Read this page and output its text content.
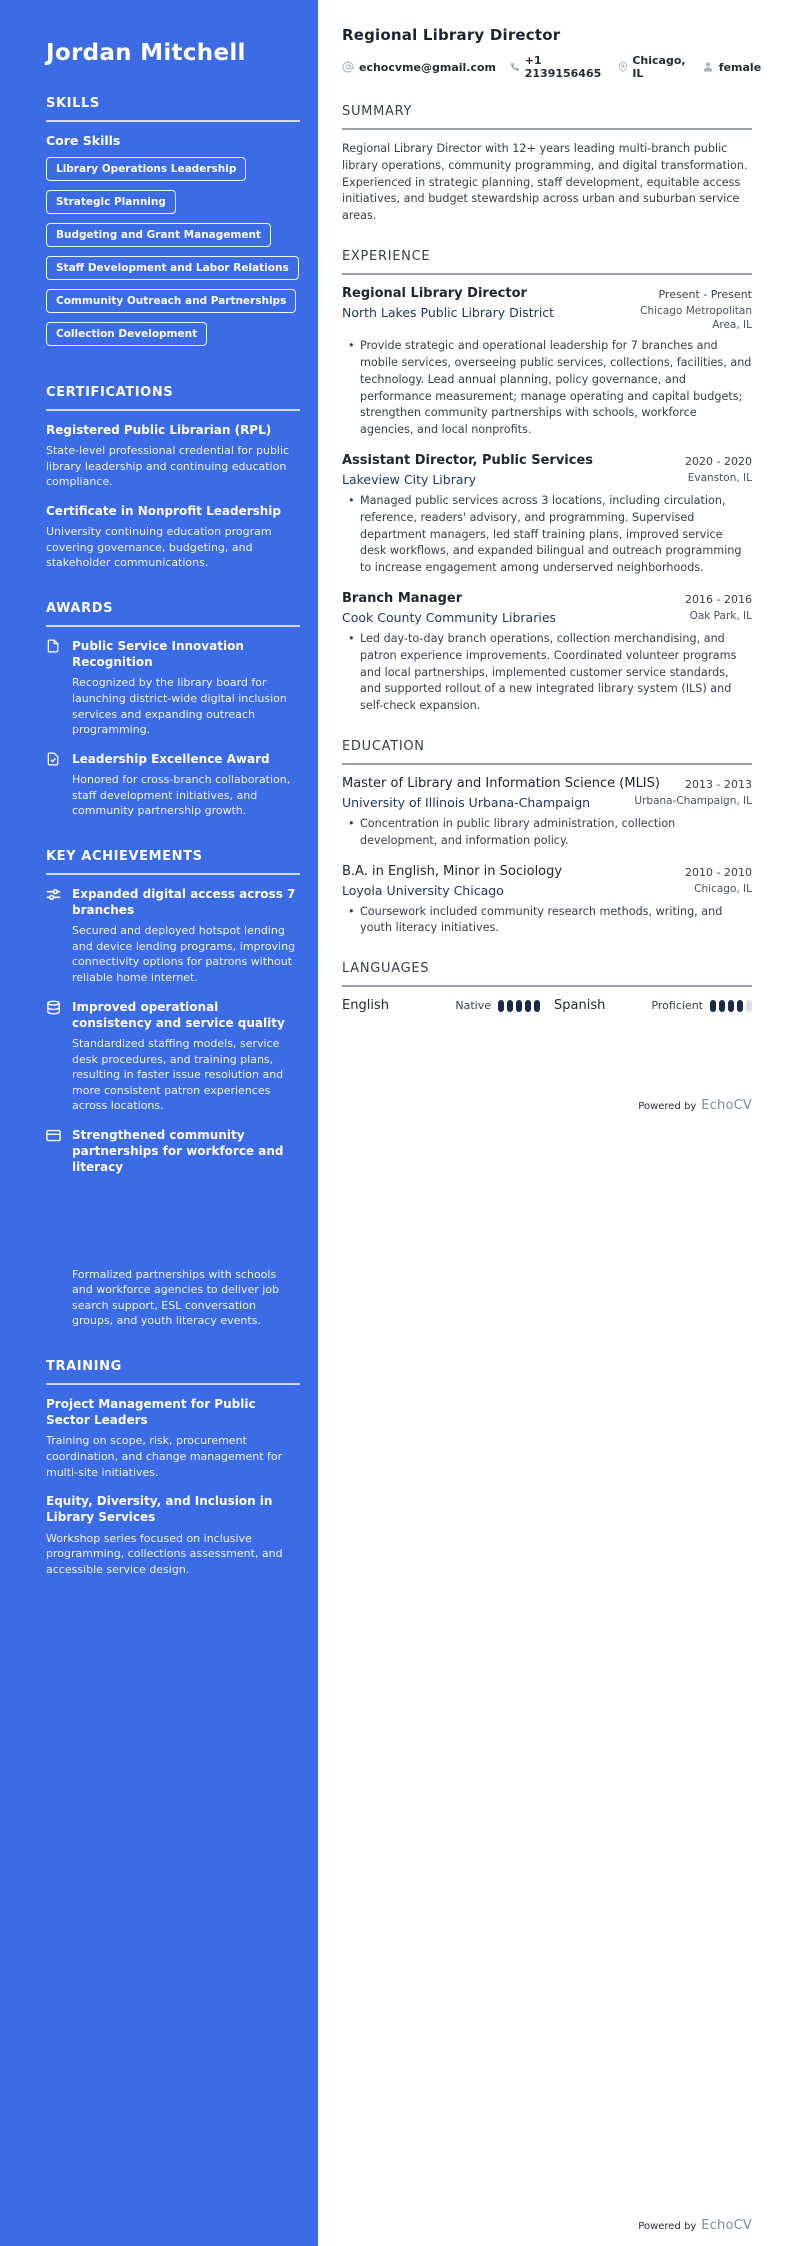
Jordan Mitchell
SKILLS
Core Skills
Library Operations Leadership
Strategic Planning
Budgeting and Grant Management
Staff Development and Labor Relations
Community Outreach and Partnerships
Collection Development
CERTIFICATIONS
Registered Public Librarian (RPL)
State-level professional credential for public library leadership and continuing education compliance.
Certificate in Nonprofit Leadership
University continuing education program covering governance, budgeting, and stakeholder communications.
AWARDS
Public Service Innovation Recognition
Recognized by the library board for launching district-wide digital inclusion services and expanding outreach programming.
Leadership Excellence Award
Honored for cross-branch collaboration, staff development initiatives, and community partnership growth.
KEY ACHIEVEMENTS
Expanded digital access across 7 branches
Secured and deployed hotspot lending and device lending programs, improving connectivity options for patrons without reliable home internet.
Improved operational consistency and service quality
Standardized staffing models, service desk procedures, and training plans, resulting in faster issue resolution and more consistent patron experiences across locations.
Strengthened community partnerships for workforce and literacy
Formalized partnerships with schools and workforce agencies to deliver job search support, ESL conversation groups, and youth literacy events.
TRAINING
Project Management for Public Sector Leaders
Training on scope, risk, procurement coordination, and change management for multi-site initiatives.
Equity, Diversity, and Inclusion in Library Services
Workshop series focused on inclusive programming, collections assessment, and accessible service design.
Regional Library Director
echocvme@gmail.com	+1 2139156465
Chicago, IL	female
SUMMARY

Regional Library Director with 12+ years leading multi-branch public library operations, community programming, and digital transformation. Experienced in strategic planning, staff development, equitable access initiatives, and budget stewardship across urban and suburban service areas.

EXPERIENCE
Regional Library Director	Present - Present
North Lakes Public Library District	Chicago Metropolitan Area, IL
• Provide strategic and operational leadership for 7 branches and mobile services, overseeing public services, collections, facilities, and technology. Lead annual planning, policy governance, and performance measurement; manage operating and capital budgets; strengthen community partnerships with schools, workforce agencies, and local nonprofits.
Assistant Director, Public Services	2020 - 2020
Lakeview City Library	Evanston, IL
• Managed public services across 3 locations, including circulation, reference, readers' advisory, and programming. Supervised department managers, led staff training plans, improved service desk workflows, and expanded bilingual and outreach programming to increase engagement among underserved neighborhoods.
Branch Manager	2016 - 2016
Cook County Community Libraries	Oak Park, IL
• Led day-to-day branch operations, collection merchandising, and patron experience improvements. Coordinated volunteer programs and local partnerships, implemented customer service standards, and supported rollout of a new integrated library system (ILS) and self-check expansion.
EDUCATION
Master of Library and Information Science (MLIS) 2013 - 2013
University of Illinois Urbana-Champaign	Urbana-Champaign, IL
• Concentration in public library administration, collection development, and information policy.
B.A. in English, Minor in Sociology	2010 - 2010
Loyola University Chicago	Chicago, IL
• Coursework included community research methods, writing, and youth literacy initiatives.
LANGUAGES
English	Native	Spanish	Proficient
Powered by EchoCV
Powered by EchoCV
